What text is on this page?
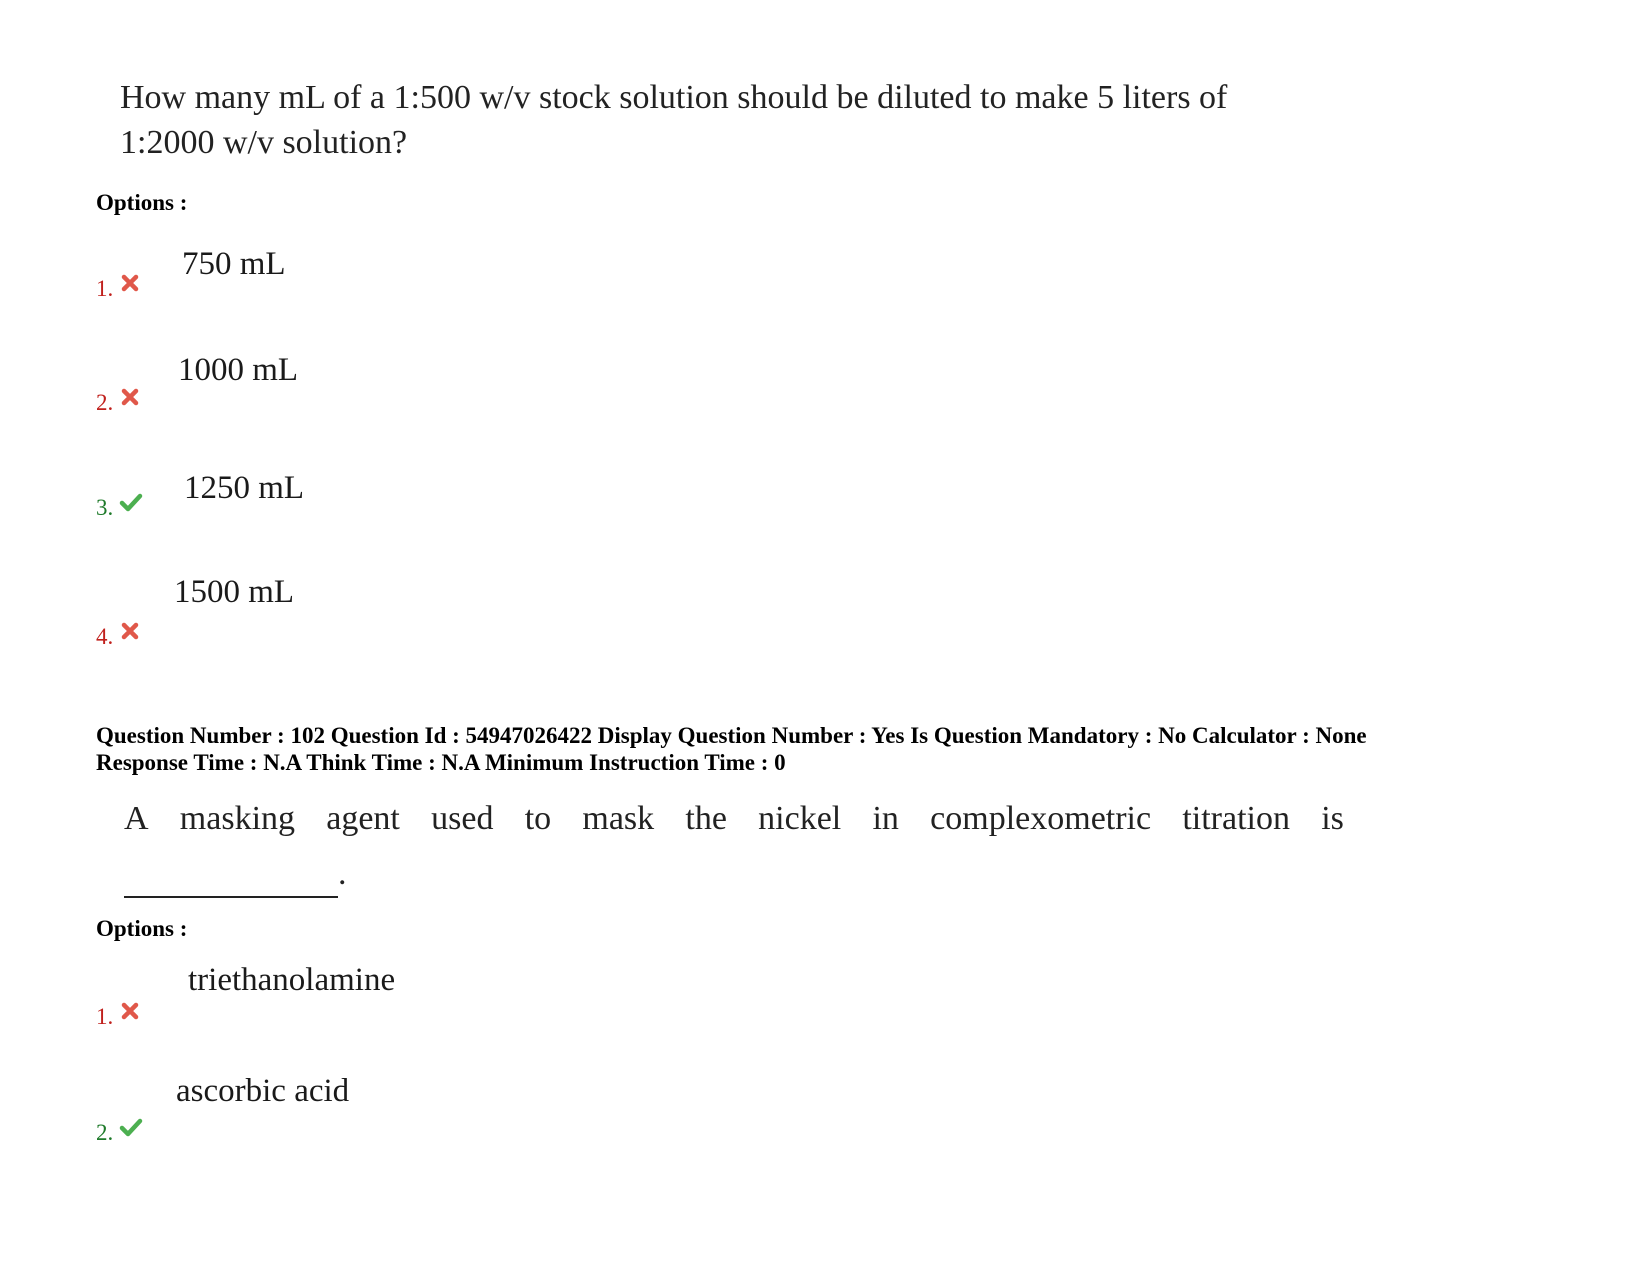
How many mL of a 1:500 w/v stock solution should be diluted to make 5 liters of
1:2000 w/v solution?
Options :
1.
750 mL
2.
1000 mL
3.
1250 mL
4.
1500 mL
Question Number : 102 Question Id : 54947026422 Display Question Number : Yes Is Question Mandatory : No Calculator : None
Response Time : N.A Think Time : N.A Minimum Instruction Time : 0
A masking agent used to mask the nickel in complexometric titration is
.
Options :
1.
triethanolamine
2.
ascorbic acid
